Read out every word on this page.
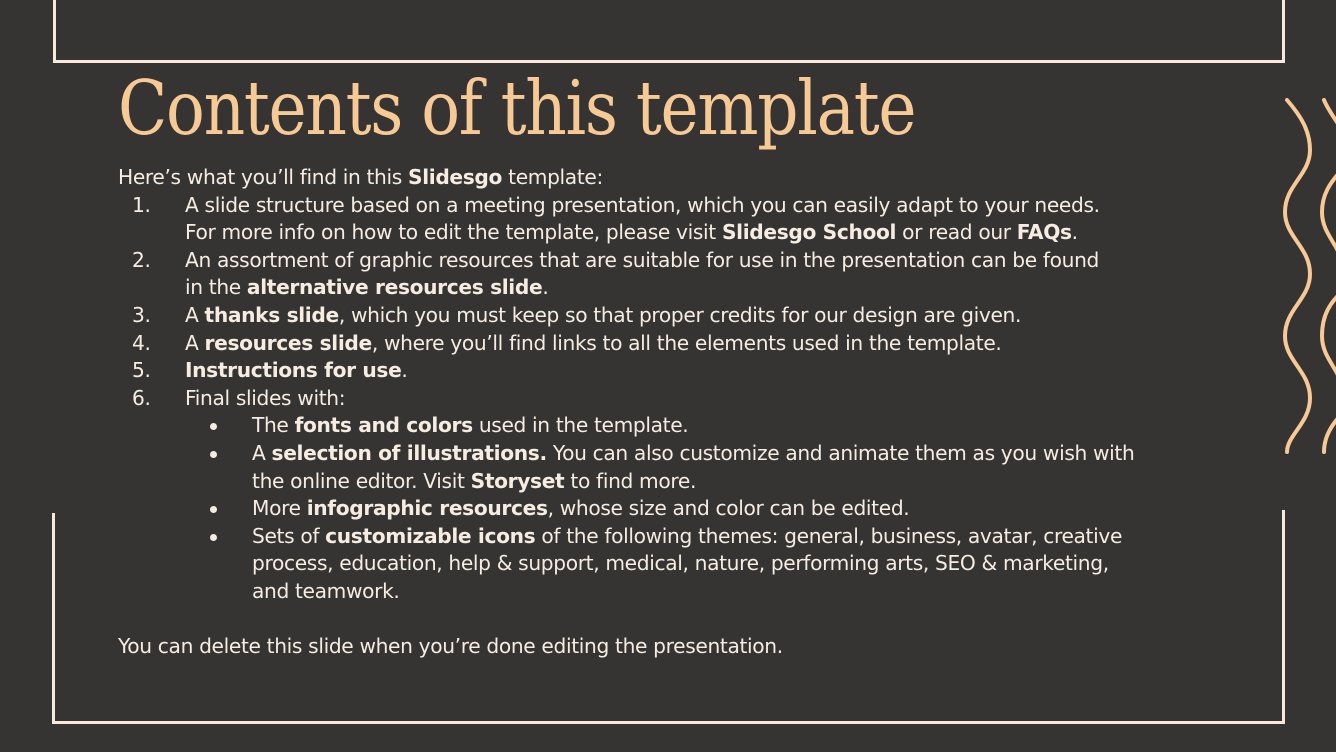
Contents of this template

Here’s what you’ll find in this Slidesgo template:

1. A slide structure based on a meeting presentation, which you can easily adapt to your needs.
For more info on how to edit the template, please visit Slidesgo School or read our FAQs.
2. An assortment of graphic resources that are suitable for use in the presentation can be found
in the alternative resources slide.
3. A thanks slide, which you must keep so that proper credits for our design are given.
4. A resources slide, where you’ll find links to all the elements used in the template.
5. Instructions for use.
6. Final slides with:
The fonts and colors used in the template.
A selection of illustrations. You can also customize and animate them as you wish with
the online editor. Visit Storyset to find more.
More infographic resources, whose size and color can be edited.
Sets of customizable icons of the following themes: general, business, avatar, creative
process, education, help & support, medical, nature, performing arts, SEO & marketing,
and teamwork.

You can delete this slide when you’re done editing the presentation.
